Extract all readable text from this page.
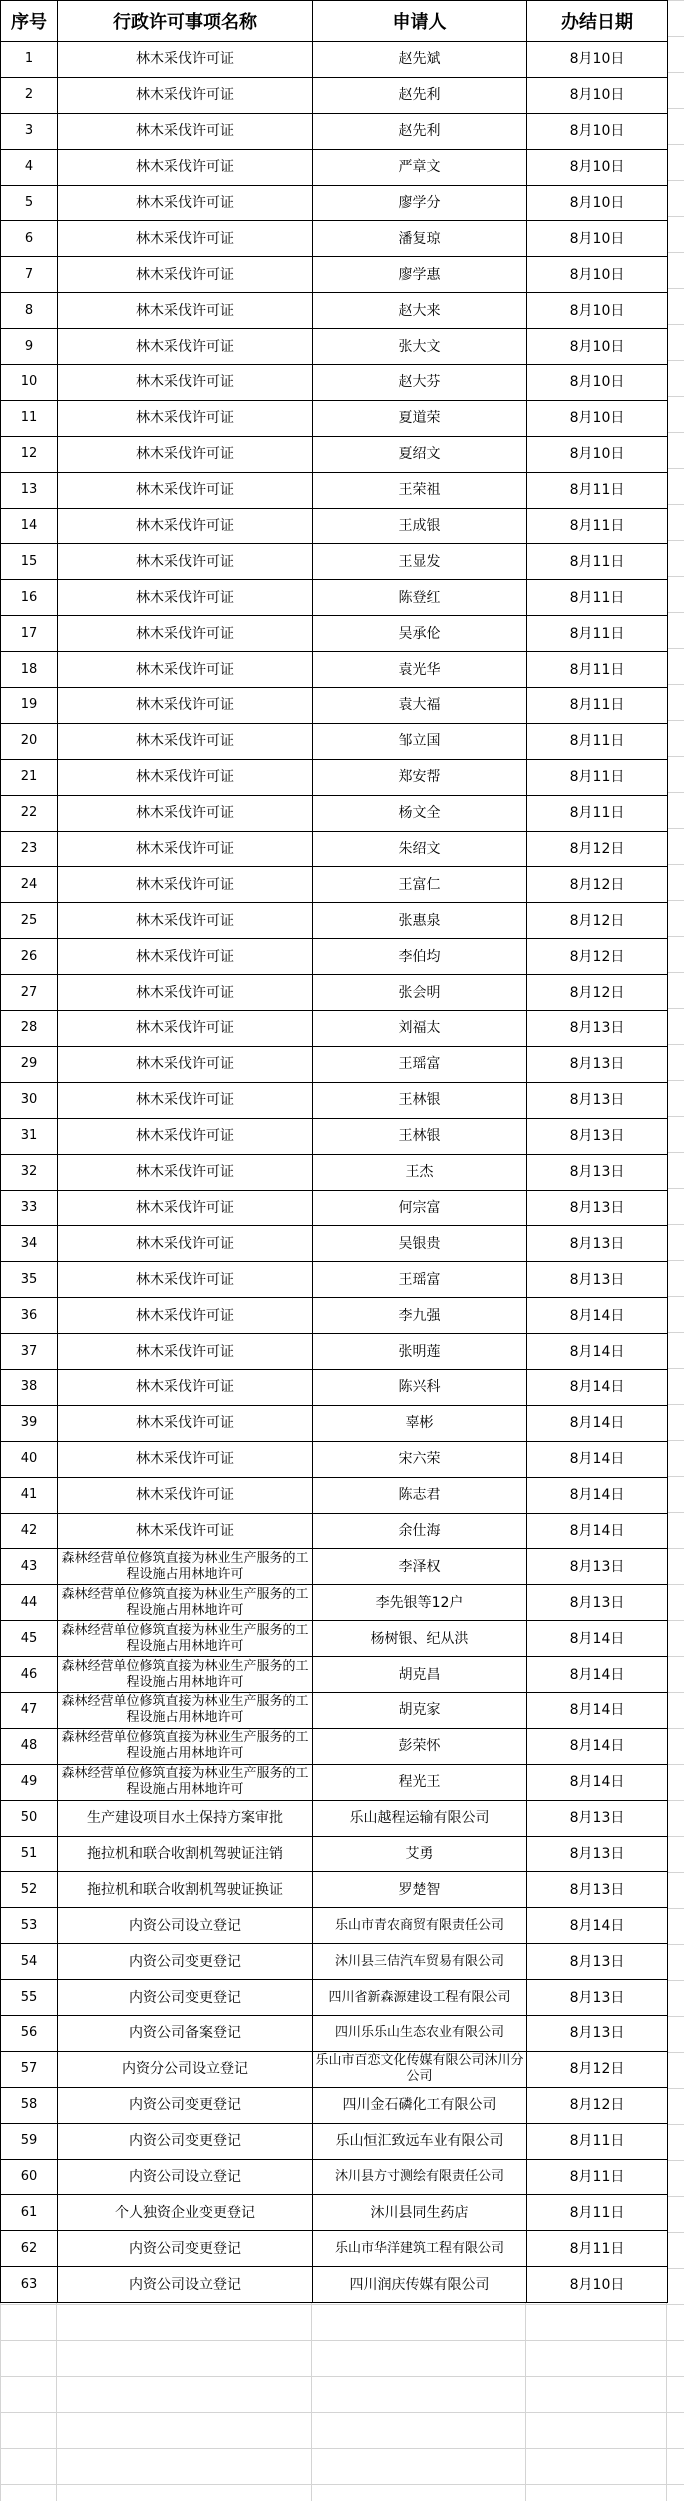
序号	行政许可事项名称	申请人	办结日期
1	林木采伐许可证	赵先斌	8月10日
2	林木采伐许可证	赵先利	8月10日
3	林木采伐许可证	赵先利	8月10日
4	林木采伐许可证	严章文	8月10日
5	林木采伐许可证	廖学分	8月10日
6	林木采伐许可证	潘复琼	8月10日
7	林木采伐许可证	廖学惠	8月10日
8	林木采伐许可证	赵大来	8月10日
9	林木采伐许可证	张大文	8月10日
10	林木采伐许可证	赵大芬	8月10日
11	林木采伐许可证	夏道荣	8月10日
12	林木采伐许可证	夏绍文	8月10日
13	林木采伐许可证	王荣祖	8月11日
14	林木采伐许可证	王成银	8月11日
15	林木采伐许可证	王显发	8月11日
16	林木采伐许可证	陈登红	8月11日
17	林木采伐许可证	吴承伦	8月11日
18	林木采伐许可证	袁光华	8月11日
19	林木采伐许可证	袁大福	8月11日
20	林木采伐许可证	邹立国	8月11日
21	林木采伐许可证	郑安帮	8月11日
22	林木采伐许可证	杨文全	8月11日
23	林木采伐许可证	朱绍文	8月12日
24	林木采伐许可证	王富仁	8月12日
25	林木采伐许可证	张惠泉	8月12日
26	林木采伐许可证	李伯均	8月12日
27	林木采伐许可证	张会明	8月12日
28	林木采伐许可证	刘福太	8月13日
29	林木采伐许可证	王瑶富	8月13日
30	林木采伐许可证	王林银	8月13日
31	林木采伐许可证	王林银	8月13日
32	林木采伐许可证	王杰	8月13日
33	林木采伐许可证	何宗富	8月13日
34	林木采伐许可证	吴银贵	8月13日
35	林木采伐许可证	王瑶富	8月13日
36	林木采伐许可证	李九强	8月14日
37	林木采伐许可证	张明莲	8月14日
38	林木采伐许可证	陈兴科	8月14日
39	林木采伐许可证	辜彬	8月14日
40	林木采伐许可证	宋六荣	8月14日
41	林木采伐许可证	陈志君	8月14日
42	林木采伐许可证	余仕海	8月14日
43	森林经营单位修筑直接为林业生产服务的工程设施占用林地许可	李泽权	8月13日
44	森林经营单位修筑直接为林业生产服务的工程设施占用林地许可	李先银等12户	8月13日
45	森林经营单位修筑直接为林业生产服务的工程设施占用林地许可	杨树银、纪从洪	8月14日
46	森林经营单位修筑直接为林业生产服务的工程设施占用林地许可	胡克昌	8月14日
47	森林经营单位修筑直接为林业生产服务的工程设施占用林地许可	胡克家	8月14日
48	森林经营单位修筑直接为林业生产服务的工程设施占用林地许可	彭荣怀	8月14日
49	森林经营单位修筑直接为林业生产服务的工程设施占用林地许可	程光王	8月14日
50	生产建设项目水土保持方案审批	乐山越程运输有限公司	8月13日
51	拖拉机和联合收割机驾驶证注销	艾勇	8月13日
52	拖拉机和联合收割机驾驶证换证	罗楚智	8月13日
53	内资公司设立登记	乐山市青农商贸有限责任公司	8月14日
54	内资公司变更登记	沐川县三佶汽车贸易有限公司	8月13日
55	内资公司变更登记	四川省新森源建设工程有限公司	8月13日
56	内资公司备案登记	四川乐乐山生态农业有限公司	8月13日
57	内资分公司设立登记	乐山市百恋文化传媒有限公司沐川分公司	8月12日
58	内资公司变更登记	四川金石磷化工有限公司	8月12日
59	内资公司变更登记	乐山恒汇致远车业有限公司	8月11日
60	内资公司设立登记	沐川县方寸测绘有限责任公司	8月11日
61	个人独资企业变更登记	沐川县同生药店	8月11日
62	内资公司变更登记	乐山市华洋建筑工程有限公司	8月11日
63	内资公司设立登记	四川润庆传媒有限公司	8月10日
